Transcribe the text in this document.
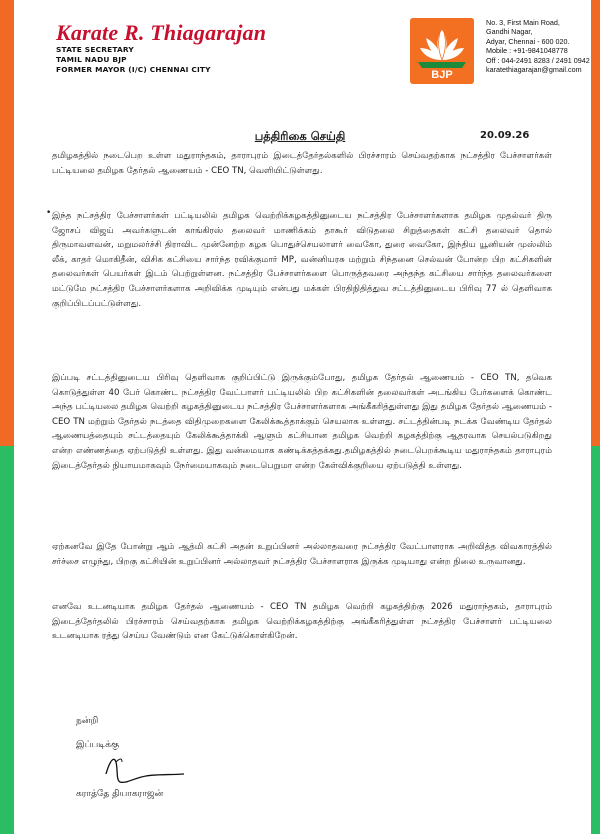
Karate R. Thiagarajan
STATE SECRETARY
TAMIL NADU BJP
FORMER MAYOR (I/C) CHENNAI CITY	BJP
No. 3, First Main Road,
Gandhi Nagar,
Adyar, Chennai - 600 020.
Mobile : +91-9841048778
Off : 044-2491 8283 / 2491 0942
karatethiagarajan@gmail.com
பத்திரிகை செய்தி	20.09.26
தமிழகத்தில் நடைபெற உள்ள மதுராந்தகம், தாராபுரம் இடைத்தேர்தல்களில் பிரச்சாரம் செய்வதற்காக நட்சத்திர பேச்சாளர்கள் பட்டியலை தமிழக தேர்தல் ஆணையம் - CEO TN, வெளியிட்டுள்ளது.
• இந்த நட்சத்திர பேச்சாளர்கள் பட்டியலில் தமிழக வெற்றிக்கழகத்தினுடைய நட்சத்திர பேச்சாளர்களாக தமிழக முதல்வர் திரு ஜோசப் விஜய் அவர்களுடன் காங்கிரஸ் தலைவர் மாணிக்கம் தாகூர் விடுதலை சிறுத்தைகள் கட்சி தலைவர் தொல் திருமாவளவன், மறுமலர்ச்சி திராவிட முன்னேற்ற கழக பொதுச்செயலாளர் வைகோ, துரை வைகோ, இந்திய யூனியன் முஸ்லிம் லீக், காதர் மொகிதீன், விசிக கட்சியை சார்ந்த ரவிக்குமார் MP, வன்னியரசு மற்றும் சிந்தனை செல்வன் போன்ற பிற கட்சிகளின் தலைவர்கள் பெயர்கள் இடம் பெற்றுள்ளன. நட்சத்திர பேச்சாளர்களை பொருத்தவரை அந்தந்த கட்சியை சார்ந்த தலைவர்களை மட்டுமே நட்சத்திர பேச்சாளர்களாக அறிவிக்க முடியும் என்பது மக்கள் பிரதிநிதித்துவ சட்டத்தினுடைய பிரிவு 77 ல் தெளிவாக குறிப்பிடப்பட்டுள்ளது.
இப்படி சட்டத்தினுடைய பிரிவு தெளிவாக குறிப்பிட்டு இருக்கும்போது, தமிழக தேர்தல் ஆணையம் - CEO TN, தவெக கொடுத்துள்ள 40 பேர் கொண்ட நட்சத்திர வேட்பாளர் பட்டியலில் பிற கட்சிகளின் தலைவர்கள் அடங்கிய பேர்களைக் கொண்ட அந்த பட்டியலை தமிழக வெற்றி கழகத்தினுடைய நட்சத்திர பேச்சாளர்களாக அங்கீகரித்துள்ளது இது தமிழக தேர்தல் ஆணையம் - CEO TN மற்றும் தேர்தல் நடத்தை விதிமுறைகளை கேலிக்கூத்தாக்கும் செயலாக உள்ளது. சட்டத்தின்படி நடக்க வேண்டிய தேர்தல் ஆணையத்தையும் சட்டத்தையும் கேலிக்கூத்தாக்கி ஆளும் கட்சியான தமிழக வெற்றி கழகத்திற்கு ஆதரவாக செயல்படுகிறது என்ற எண்ணத்தை ஏற்படுத்தி உள்ளது. இது வன்மையாக கண்டிக்கத்தக்கது.தமிழகத்தில் நடைபெறக்கூடிய மதுராந்தகம் தாராபுரம் இடைத்தேர்தல் நியாயமாகவும் நேர்மையாகவும் நடைபெறுமா என்ற கேள்விக்குறியை ஏற்படுத்தி உள்ளது.
ஏற்கனவே இதே போன்று ஆம் ஆத்மி கட்சி அதன் உறுப்பினர் அல்லாதவரை நட்சத்திர வேட்பாளராக அறிவித்த விவகாரத்தில் சர்ச்சை எழுந்து, பிறகு கட்சியின் உறுப்பினர் அல்லாதவர் நட்சத்திர பேச்சாளராக இருக்க முடியாது என்ற நிலை உருவானது.
எனவே உடனடியாக தமிழக தேர்தல் ஆணையம் - CEO TN தமிழக வெற்றி கழகத்திற்கு 2026 மதுராந்தகம், தாராபுரம் இடைத்தேர்தலில் பிரச்சாரம் செய்வதற்காக தமிழக வெற்றிக்கழகத்திற்கு அங்கீகரித்துள்ள நட்சத்திர பேச்சாளர் பட்டியலை உடனடியாக ரத்து செய்ய வேண்டும் என கேட்டுக்கொள்கிறேன்.
நன்றி
இப்படிக்கு
கராத்தே தியாகராஜன்
